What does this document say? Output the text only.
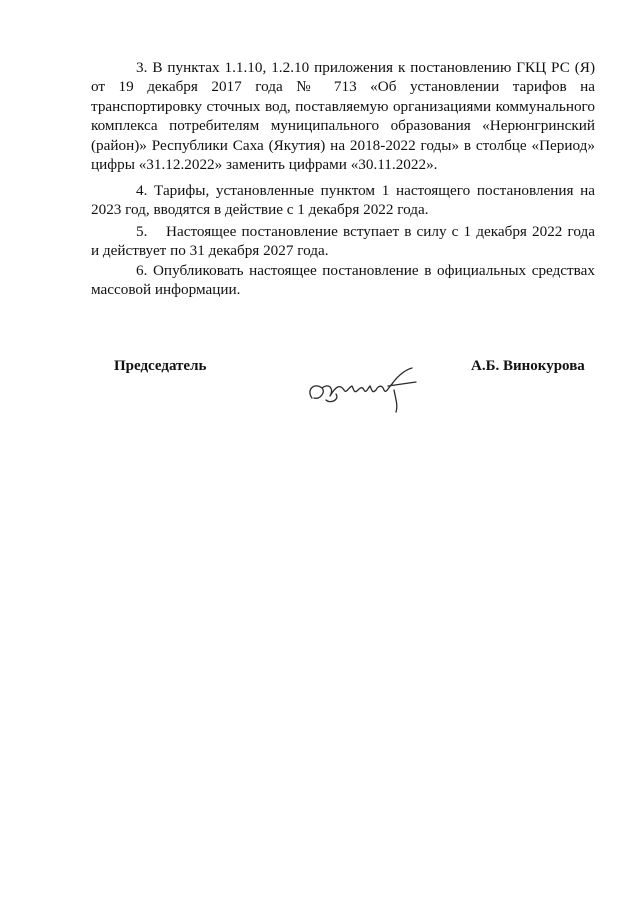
3. В пунктах 1.1.10, 1.2.10 приложения к постановлению ГКЦ РС (Я) от 19 декабря 2017 года № 713 «Об установлении тарифов на транспортировку сточных вод, поставляемую организациями коммунального комплекса потребителям муниципального образования «Нерюнгринский (район)» Республики Саха (Якутия) на 2018-2022 годы» в столбце «Период» цифры «31.12.2022» заменить цифрами «30.11.2022».

4. Тарифы, установленные пунктом 1 настоящего постановления на 2023 год, вводятся в действие с 1 декабря 2022 года.

5. Настоящее постановление вступает в силу с 1 декабря 2022 года и действует по 31 декабря 2027 года.

6. Опубликовать настоящее постановление в официальных средствах массовой информации.

Председатель	А.Б. Винокурова
